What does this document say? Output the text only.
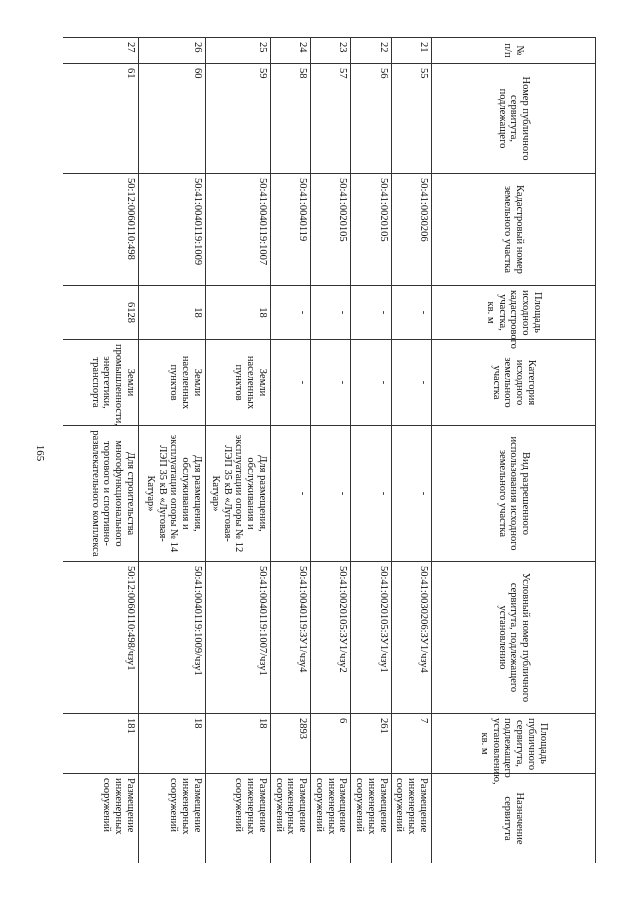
165
№ п/п	Номер публичного сервитута, подлежащего	Кадастровый номер земельного участка	Площадь исходного кадастрового участка, кв. м	Категория исходного земельного участка	Вид разрешенного использования исходного земельного участка	Условный номер публичного сервитута, подлежащего установлению	Площадь публичного сервитута, подлежащего установлению, кв. м	Назначение сервитута
21	55	50:41:0030206	-	-	-	50:41:0030206:ЗУ1/чзу4	7	Размещение инженерных сооружений
22	56	50:41:0020105	-	-	-	50:41:0020105:ЗУ1/чзу1	261	Размещение инженерных сооружений
23	57	50:41:0020105	-	-	-	50:41:0020105:ЗУ1/чзу2	6	Размещение инженерных сооружений
24	58	50:41:0040119	-	-	-	50:41:0040119:ЗУ1/чзу4	2893	Размещение инженерных сооружений
25	59	50:41:0040119:1007	18	Земли населенных пунктов	Для размещения, обслуживания и эксплуатации опоры № 12 ЛЭП 35 кВ «Луговая-Катуар»	50:41:0040119:1007/чзу1	18	Размещение инженерных сооружений
26	60	50:41:0040119:1009	18	Земли населенных пунктов	Для размещения, обслуживания и эксплуатации опоры № 14 ЛЭП 35 кВ «Луговая-Катуар»	50:41:0040119:1009/чзу1	18	Размещение инженерных сооружений
27	61	50:12:0060110:498	6128	Земли промышленности, энергетики, транспорта	Для строительства многофункционального торгового и спортивно-развлекательного комплекса	50:12:0060110:498/чзу1	181	Размещение инженерных сооружений
